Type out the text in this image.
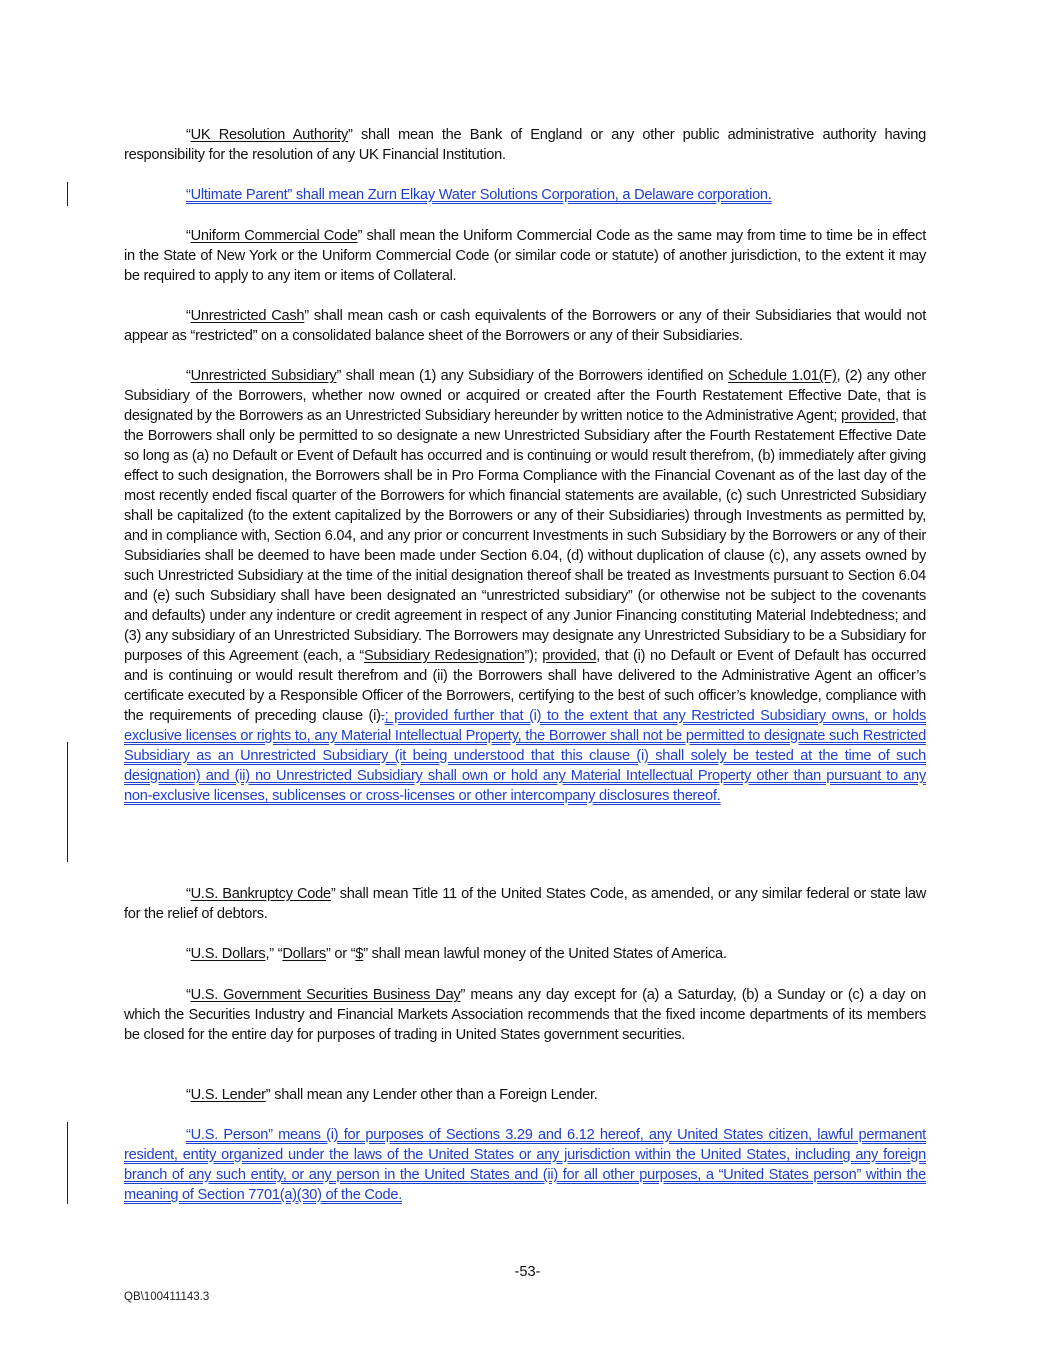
“UK Resolution Authority” shall mean the Bank of England or any other public administrative authority having responsibility for the resolution of any UK Financial Institution.
“Ultimate Parent” shall mean Zurn Elkay Water Solutions Corporation, a Delaware corporation.
“Uniform Commercial Code” shall mean the Uniform Commercial Code as the same may from time to time be in effect in the State of New York or the Uniform Commercial Code (or similar code or statute) of another jurisdiction, to the extent it may be required to apply to any item or items of Collateral.
“Unrestricted Cash” shall mean cash or cash equivalents of the Borrowers or any of their Subsidiaries that would not appear as “restricted” on a consolidated balance sheet of the Borrowers or any of their Subsidiaries.
“Unrestricted Subsidiary” shall mean (1) any Subsidiary of the Borrowers identified on Schedule 1.01(F), (2) any other Subsidiary of the Borrowers, whether now owned or acquired or created after the Fourth Restatement Effective Date, that is designated by the Borrowers as an Unrestricted Subsidiary hereunder by written notice to the Administrative Agent; provided, that the Borrowers shall only be permitted to so designate a new Unrestricted Subsidiary after the Fourth Restatement Effective Date so long as (a) no Default or Event of Default has occurred and is continuing or would result therefrom, (b) immediately after giving effect to such designation, the Borrowers shall be in Pro Forma Compliance with the Financial Covenant as of the last day of the most recently ended fiscal quarter of the Borrowers for which financial statements are available, (c) such Unrestricted Subsidiary shall be capitalized (to the extent capitalized by the Borrowers or any of their Subsidiaries) through Investments as permitted by, and in compliance with, Section 6.04, and any prior or concurrent Investments in such Subsidiary by the Borrowers or any of their Subsidiaries shall be deemed to have been made under Section 6.04, (d) without duplication of clause (c), any assets owned by such Unrestricted Subsidiary at the time of the initial designation thereof shall be treated as Investments pursuant to Section 6.04 and (e) such Subsidiary shall have been designated an “unrestricted subsidiary” (or otherwise not be subject to the covenants and defaults) under any indenture or credit agreement in respect of any Junior Financing constituting Material Indebtedness; and (3) any subsidiary of an Unrestricted Subsidiary. The Borrowers may designate any Unrestricted Subsidiary to be a Subsidiary for purposes of this Agreement (each, a “Subsidiary Redesignation”); provided, that (i) no Default or Event of Default has occurred and is continuing or would result therefrom and (ii) the Borrowers shall have delivered to the Administrative Agent an officer’s certificate executed by a Responsible Officer of the Borrowers, certifying to the best of such officer’s knowledge, compliance with the requirements of preceding clause (i).; provided further that (i) to the extent that any Restricted Subsidiary owns, or holds exclusive licenses or rights to, any Material Intellectual Property, the Borrower shall not be permitted to designate such Restricted Subsidiary as an Unrestricted Subsidiary (it being understood that this clause (i) shall solely be tested at the time of such designation) and (ii) no Unrestricted Subsidiary shall own or hold any Material Intellectual Property other than pursuant to any non-exclusive licenses, sublicenses or cross-licenses or other intercompany disclosures thereof.
“U.S. Bankruptcy Code” shall mean Title 11 of the United States Code, as amended, or any similar federal or state law for the relief of debtors.
“U.S. Dollars,” “Dollars” or “$” shall mean lawful money of the United States of America.
“U.S. Government Securities Business Day” means any day except for (a) a Saturday, (b) a Sunday or (c) a day on which the Securities Industry and Financial Markets Association recommends that the fixed income departments of its members be closed for the entire day for purposes of trading in United States government securities.
“U.S. Lender” shall mean any Lender other than a Foreign Lender.
“U.S. Person” means (i) for purposes of Sections 3.29 and 6.12 hereof, any United States citizen, lawful permanent resident, entity organized under the laws of the United States or any jurisdiction within the United States, including any foreign branch of any such entity, or any person in the United States and (ii) for all other purposes, a “United States person” within the meaning of Section 7701(a)(30) of the Code.
-53-
QB\100411143.3
